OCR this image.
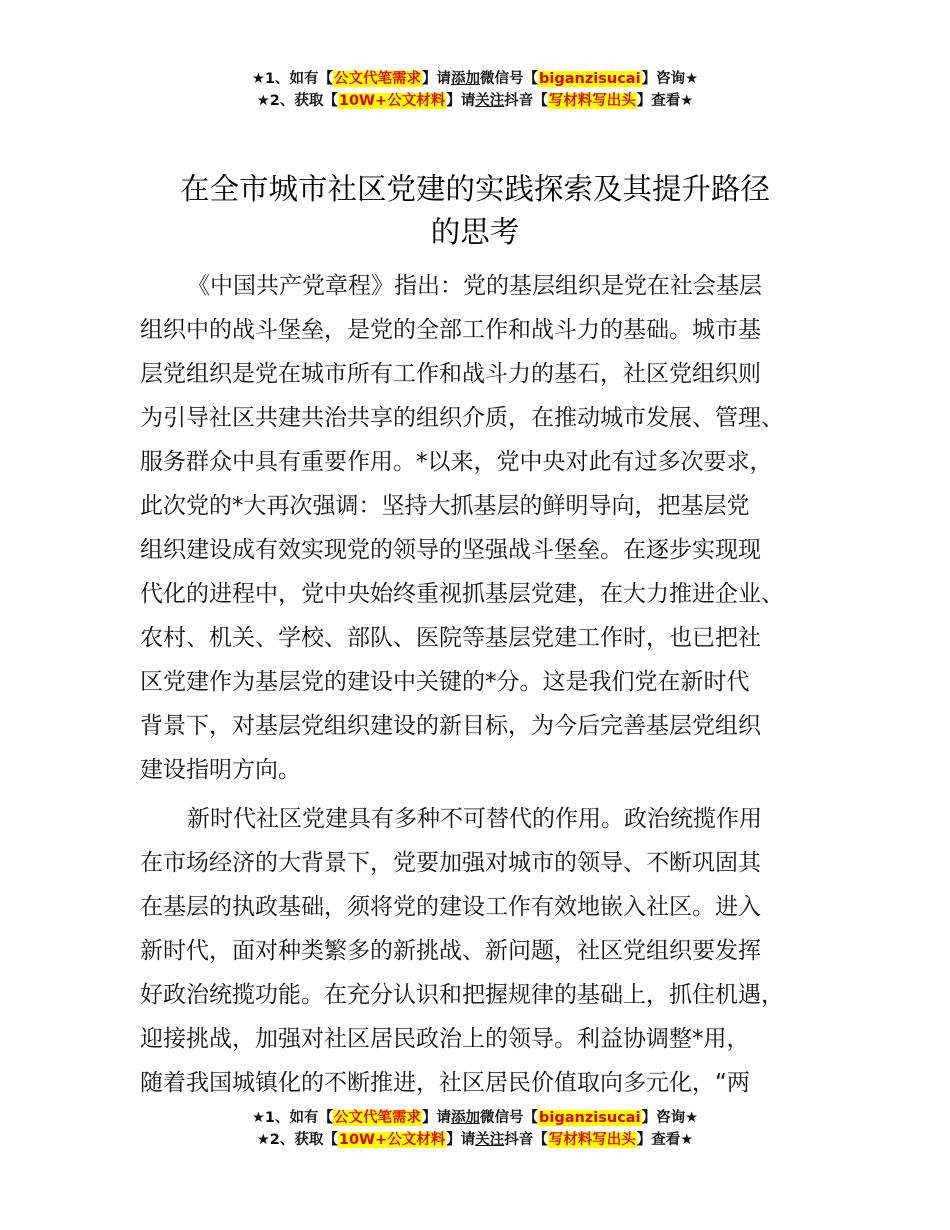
★1、如有【公文代笔需求】请添加微信号【biganzisucai】咨询★
★2、获取【10W+公文材料】请关注抖音【写材料写出头】查看★
在全市城市社区党建的实践探索及其提升路径
的思考
《中国共产党章程》指出：党的基层组织是党在社会基层
组织中的战斗堡垒，是党的全部工作和战斗力的基础。城市基
层党组织是党在城市所有工作和战斗力的基石，社区党组织则
为引导社区共建共治共享的组织介质，在推动城市发展、管理、
服务群众中具有重要作用。*以来，党中央对此有过多次要求，
此次党的*大再次强调：坚持大抓基层的鲜明导向，把基层党
组织建设成有效实现党的领导的坚强战斗堡垒。在逐步实现现
代化的进程中，党中央始终重视抓基层党建，在大力推进企业、
农村、机关、学校、部队、医院等基层党建工作时，也已把社
区党建作为基层党的建设中关键的*分。这是我们党在新时代
背景下，对基层党组织建设的新目标，为今后完善基层党组织
建设指明方向。
新时代社区党建具有多种不可替代的作用。政治统揽作用
在市场经济的大背景下，党要加强对城市的领导、不断巩固其
在基层的执政基础，须将党的建设工作有效地嵌入社区。进入
新时代，面对种类繁多的新挑战、新问题，社区党组织要发挥
好政治统揽功能。在充分认识和把握规律的基础上，抓住机遇，
迎接挑战，加强对社区居民政治上的领导。利益协调整*用，
随着我国城镇化的不断推进，社区居民价值取向多元化，“两
★1、如有【公文代笔需求】请添加微信号【biganzisucai】咨询★
★2、获取【10W+公文材料】请关注抖音【写材料写出头】查看★
